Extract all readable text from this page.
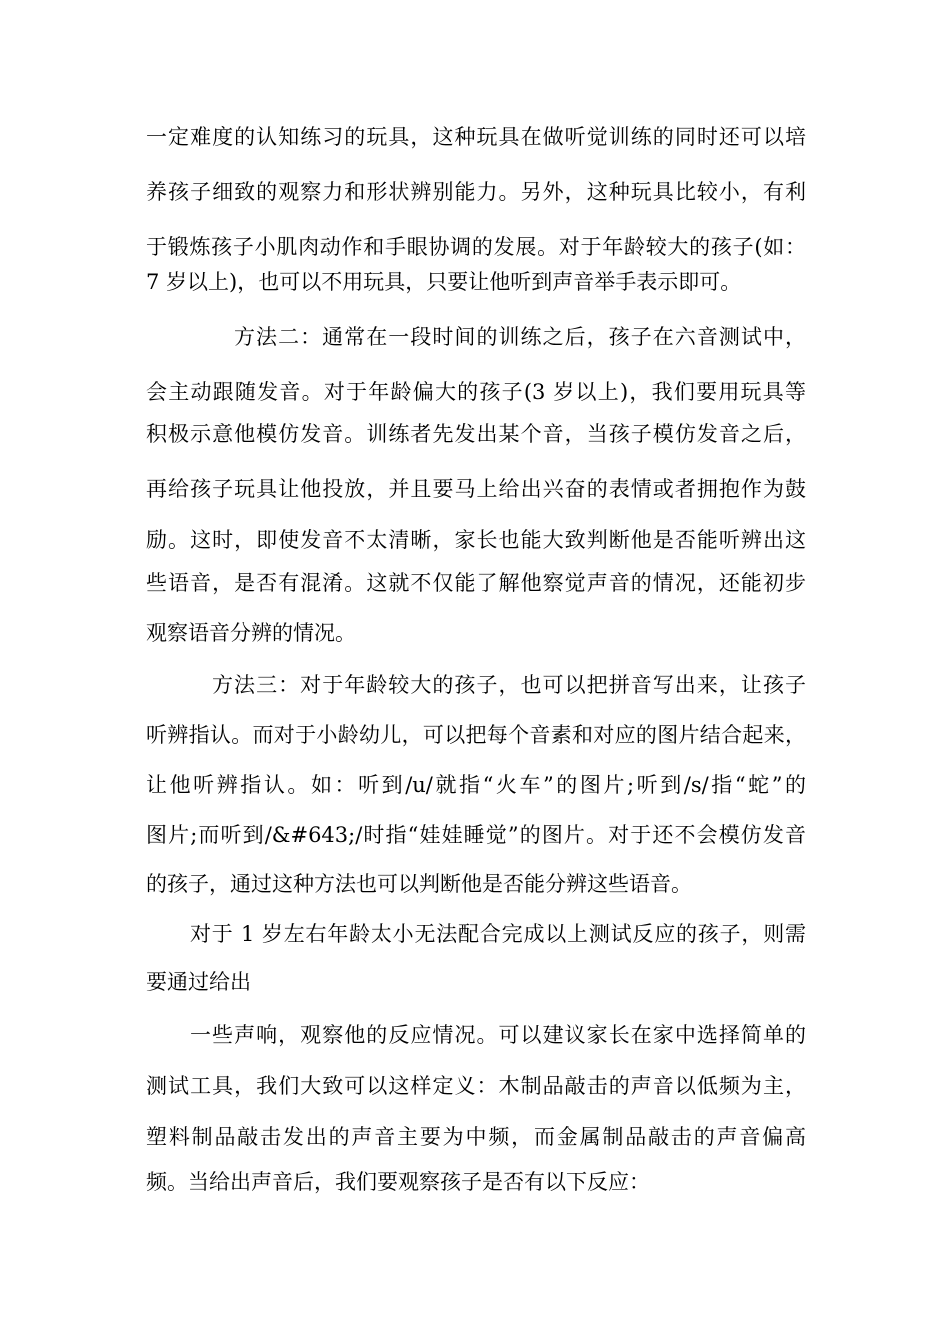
一定难度的认知练习的玩具，这种玩具在做听觉训练的同时还可以培
养孩子细致的观察力和形状辨别能力。另外，这种玩具比较小，有利
于锻炼孩子小肌肉动作和手眼协调的发展。对于年龄较大的孩子(如：
7 岁以上)，也可以不用玩具，只要让他听到声音举手表示即可。
方法二：通常在一段时间的训练之后，孩子在六音测试中，
会主动跟随发音。对于年龄偏大的孩子(3 岁以上)，我们要用玩具等
积极示意他模仿发音。训练者先发出某个音，当孩子模仿发音之后，
再给孩子玩具让他投放，并且要马上给出兴奋的表情或者拥抱作为鼓
励。这时，即使发音不太清晰，家长也能大致判断他是否能听辨出这
些语音，是否有混淆。这就不仅能了解他察觉声音的情况，还能初步
观察语音分辨的情况。
方法三：对于年龄较大的孩子，也可以把拼音写出来，让孩子
听辨指认。而对于小龄幼儿，可以把每个音素和对应的图片结合起来，
让他听辨指认。如：听到/u/就指“火车”的图片;听到/s/指“蛇”的
图片;而听到/&#643;/时指“娃娃睡觉”的图片。对于还不会模仿发音
的孩子，通过这种方法也可以判断他是否能分辨这些语音。
对于 1 岁左右年龄太小无法配合完成以上测试反应的孩子，则需
要通过给出
一些声响，观察他的反应情况。可以建议家长在家中选择简单的
测试工具，我们大致可以这样定义：木制品敲击的声音以低频为主，
塑料制品敲击发出的声音主要为中频，而金属制品敲击的声音偏高
频。当给出声音后，我们要观察孩子是否有以下反应：
